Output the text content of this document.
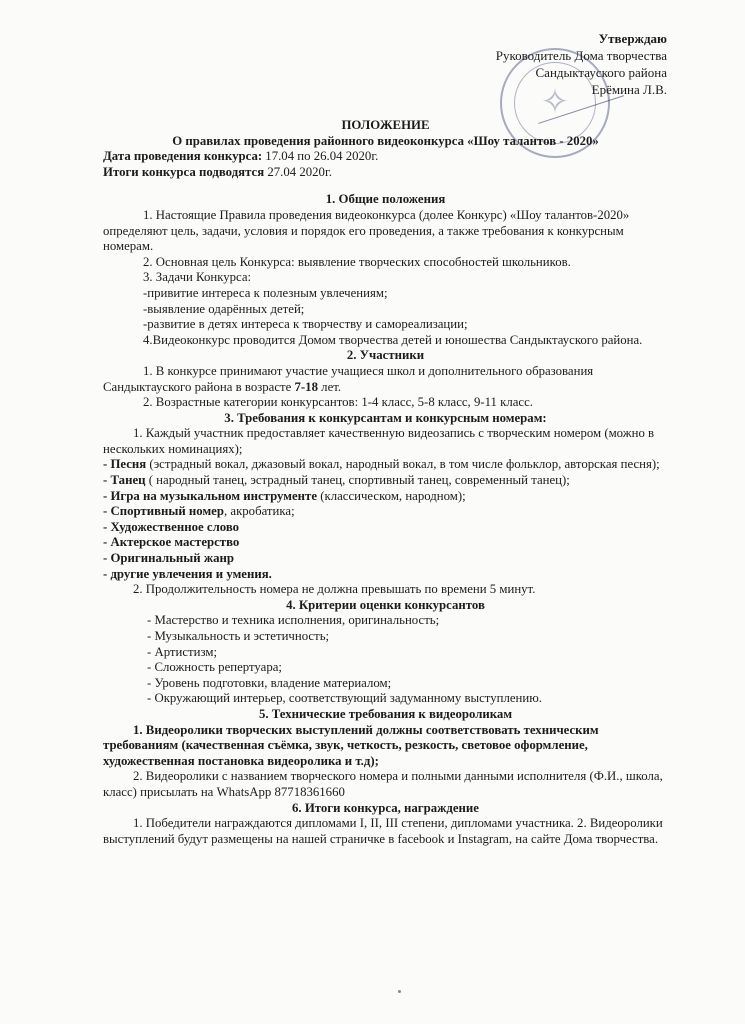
✧
Утверждаю
Руководитель Дома творчества
Сандыктауского района
Ерёмина Л.В.

ПОЛОЖЕНИЕ

О правилах проведения районного видеоконкурса «Шоу талантов - 2020»

Дата проведения конкурса: 17.04 по 26.04 2020г.

Итоги конкурса подводятся 27.04 2020г.

1. Общие положения

1. Настоящие Правила проведения видеоконкурса (долее Конкурс) «Шоу талантов-2020» определяют цель, задачи, условия и порядок его проведения, а также требования к конкурсным номерам.

2. Основная цель Конкурса: выявление творческих способностей школьников.

3. Задачи Конкурса:

-привитие интереса к полезным увлечениям;

-выявление одарённых детей;

-развитие в детях интереса к творчеству и самореализации;

4.Видеоконкурс проводится Домом творчества детей и юношества Сандыктауского района.

2. Участники

1. В конкурсе принимают участие учащиеся школ и дополнительного образования Сандыктауского района в возрасте 7-18 лет.

2. Возрастные категории конкурсантов: 1-4 класс, 5-8 класс, 9-11 класс.

3. Требования к конкурсантам и конкурсным номерам:

1. Каждый участник предоставляет качественную видеозапись с творческим номером (можно в нескольких номинациях);

- Песня (эстрадный вокал, джазовый вокал, народный вокал, в том числе фольклор, авторская песня);

- Танец ( народный танец, эстрадный танец, спортивный танец, современный танец);

- Игра на музыкальном инструменте (классическом, народном);

- Спортивный номер, акробатика;

- Художественное слово

- Актерское мастерство

- Оригинальный жанр

- другие увлечения и умения.

2. Продолжительность номера не должна превышать по времени 5 минут.

4. Критерии оценки конкурсантов

- Мастерство и техника исполнения, оригинальность;

- Музыкальность и эстетичность;

- Артистизм;

- Сложность репертуара;

- Уровень подготовки, владение материалом;

- Окружающий интерьер, соответствующий задуманному выступлению.

5. Технические требования к видеороликам

1. Видеоролики творческих выступлений должны соответствовать техническим требованиям (качественная съёмка, звук, четкость, резкость, световое оформление, художественная постановка видеоролика и т.д);

2. Видеоролики с названием творческого номера и полными данными исполнителя (Ф.И., школа, класс) присылать на WhatsApp 87718361660

6. Итоги конкурса, награждение

1. Победители награждаются дипломами I, II, III степени, дипломами участника. 2. Видеоролики выступлений будут размещены на нашей страничке в facebook и Instagram, на сайте Дома творчества.
